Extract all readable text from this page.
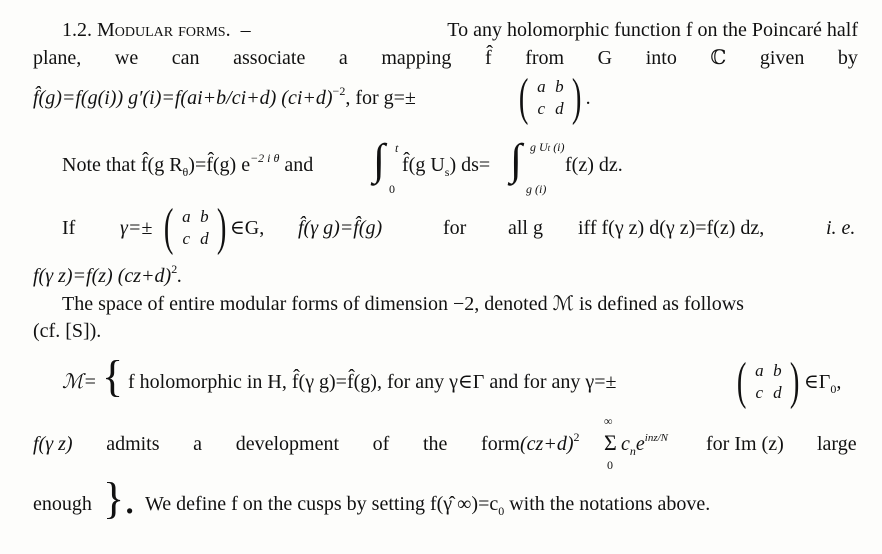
1.2. Modular forms. –	To any holomorphic function f on the Poincaré half
plane, we can associate a mapping f̂ from G into ℂ given by
f̂(g)=f(g(i)) g′(i)=f(ai+b/ci+d) $(ci+d)^{-2}$, for g=± ( a b
c d ) .
Note that f̂(g $R_\theta)=f̂(g)$ $e^{-2 i \theta}$ and ∫ t
0
f̂(g $U_s$) ds= ∫ g Ut (i)
g (i)
f(z) dz.
If γ=± ( a b
c d ) ∈G, f̂(γ g)=f̂(g)	for all g iff f(γ z) d(γ z)=f(z) dz,	i. e.
f(γ z)=f(z) $(cz+d)^2$.
The space of entire modular forms of dimension −2, denoted ℳ is defined as follows
(cf. [S]).
ℳ= { f holomorphic in H, f̂(γ g)=f̂(g), for any γ∈Γ and for any γ=± ( a b
c d ) $\in\Gamma_0$,
f(γ z) admits a development of the form $(cz+d)^2$ Σ
∞
0
$c_ne^{inz/N}$ for Im (z) large
enough }. We define f on the cusps by setting f(γ̂ $\infty)=c_0$ with the notations above.
